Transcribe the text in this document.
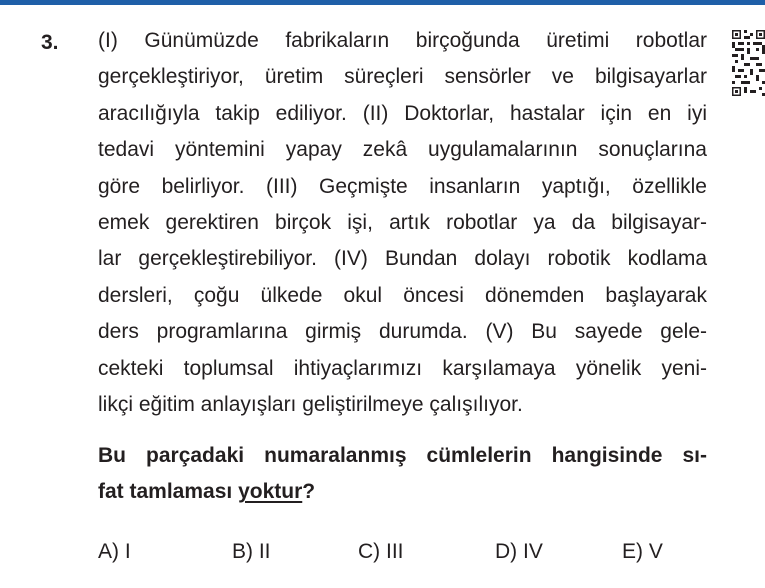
3. (I) Günümüzde fabrikaların birçoğunda üretimi robotlar
gerçekleştiriyor, üretim süreçleri sensörler ve bilgisayarlar
aracılığıyla takip ediliyor. (II) Doktorlar, hastalar için en iyi
tedavi yöntemini yapay zekâ uygulamalarının sonuçlarına
göre belirliyor. (III) Geçmişte insanların yaptığı, özellikle
emek gerektiren birçok işi, artık robotlar ya da bilgisayar-
lar gerçekleştirebiliyor. (IV) Bundan dolayı robotik kodlama
dersleri, çoğu ülkede okul öncesi dönemden başlayarak
ders programlarına girmiş durumda. (V) Bu sayede gele-
cekteki toplumsal ihtiyaçlarımızı karşılamaya yönelik yeni-
likçi eğitim anlayışları geliştirilmeye çalışılıyor.
Bu parçadaki numaralanmış cümlelerin hangisinde sı-
fat tamlaması yoktur?
A) I	B) II	C) III	D) IV	E) V
